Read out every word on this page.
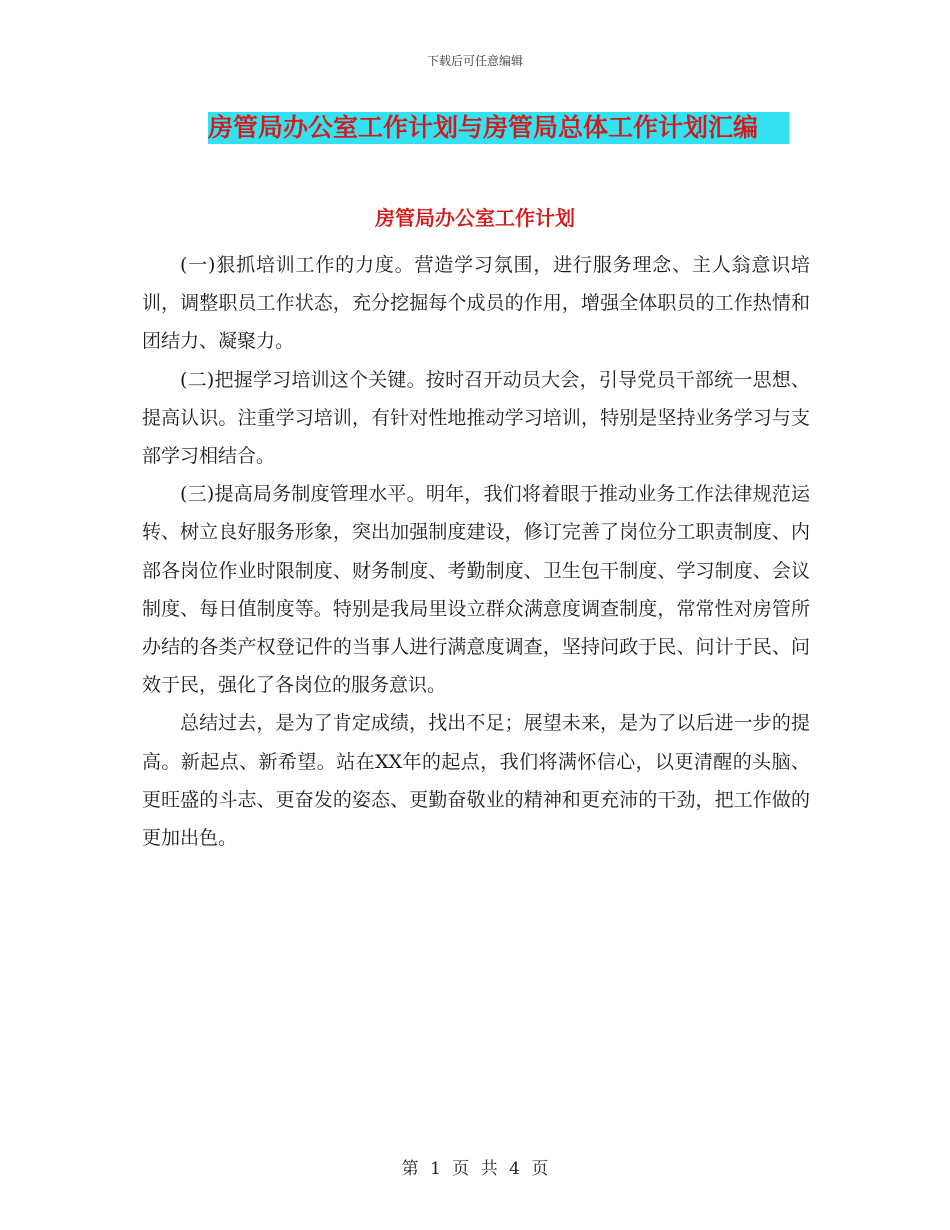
下载后可任意编辑
房管局办公室工作计划与房管局总体工作计划汇编
房管局办公室工作计划

(一)狠抓培训工作的力度。营造学习氛围，进行服务理念、主人翁意识培训，调整职员工作状态，充分挖掘每个成员的作用，增强全体职员的工作热情和团结力、凝聚力。

(二)把握学习培训这个关键。按时召开动员大会，引导党员干部统一思想、提高认识。注重学习培训，有针对性地推动学习培训，特别是坚持业务学习与支部学习相结合。

(三)提高局务制度管理水平。明年，我们将着眼于推动业务工作法律规范运转、树立良好服务形象，突出加强制度建设，修订完善了岗位分工职责制度、内部各岗位作业时限制度、财务制度、考勤制度、卫生包干制度、学习制度、会议制度、每日值制度等。特别是我局里设立群众满意度调查制度，常常性对房管所办结的各类产权登记件的当事人进行满意度调查，坚持问政于民、问计于民、问效于民，强化了各岗位的服务意识。

总结过去，是为了肯定成绩，找出不足；展望未来，是为了以后进一步的提高。新起点、新希望。站在XX年的起点，我们将满怀信心，以更清醒的头脑、更旺盛的斗志、更奋发的姿态、更勤奋敬业的精神和更充沛的干劲，把工作做的更加出色。

第 1 页 共 4 页
